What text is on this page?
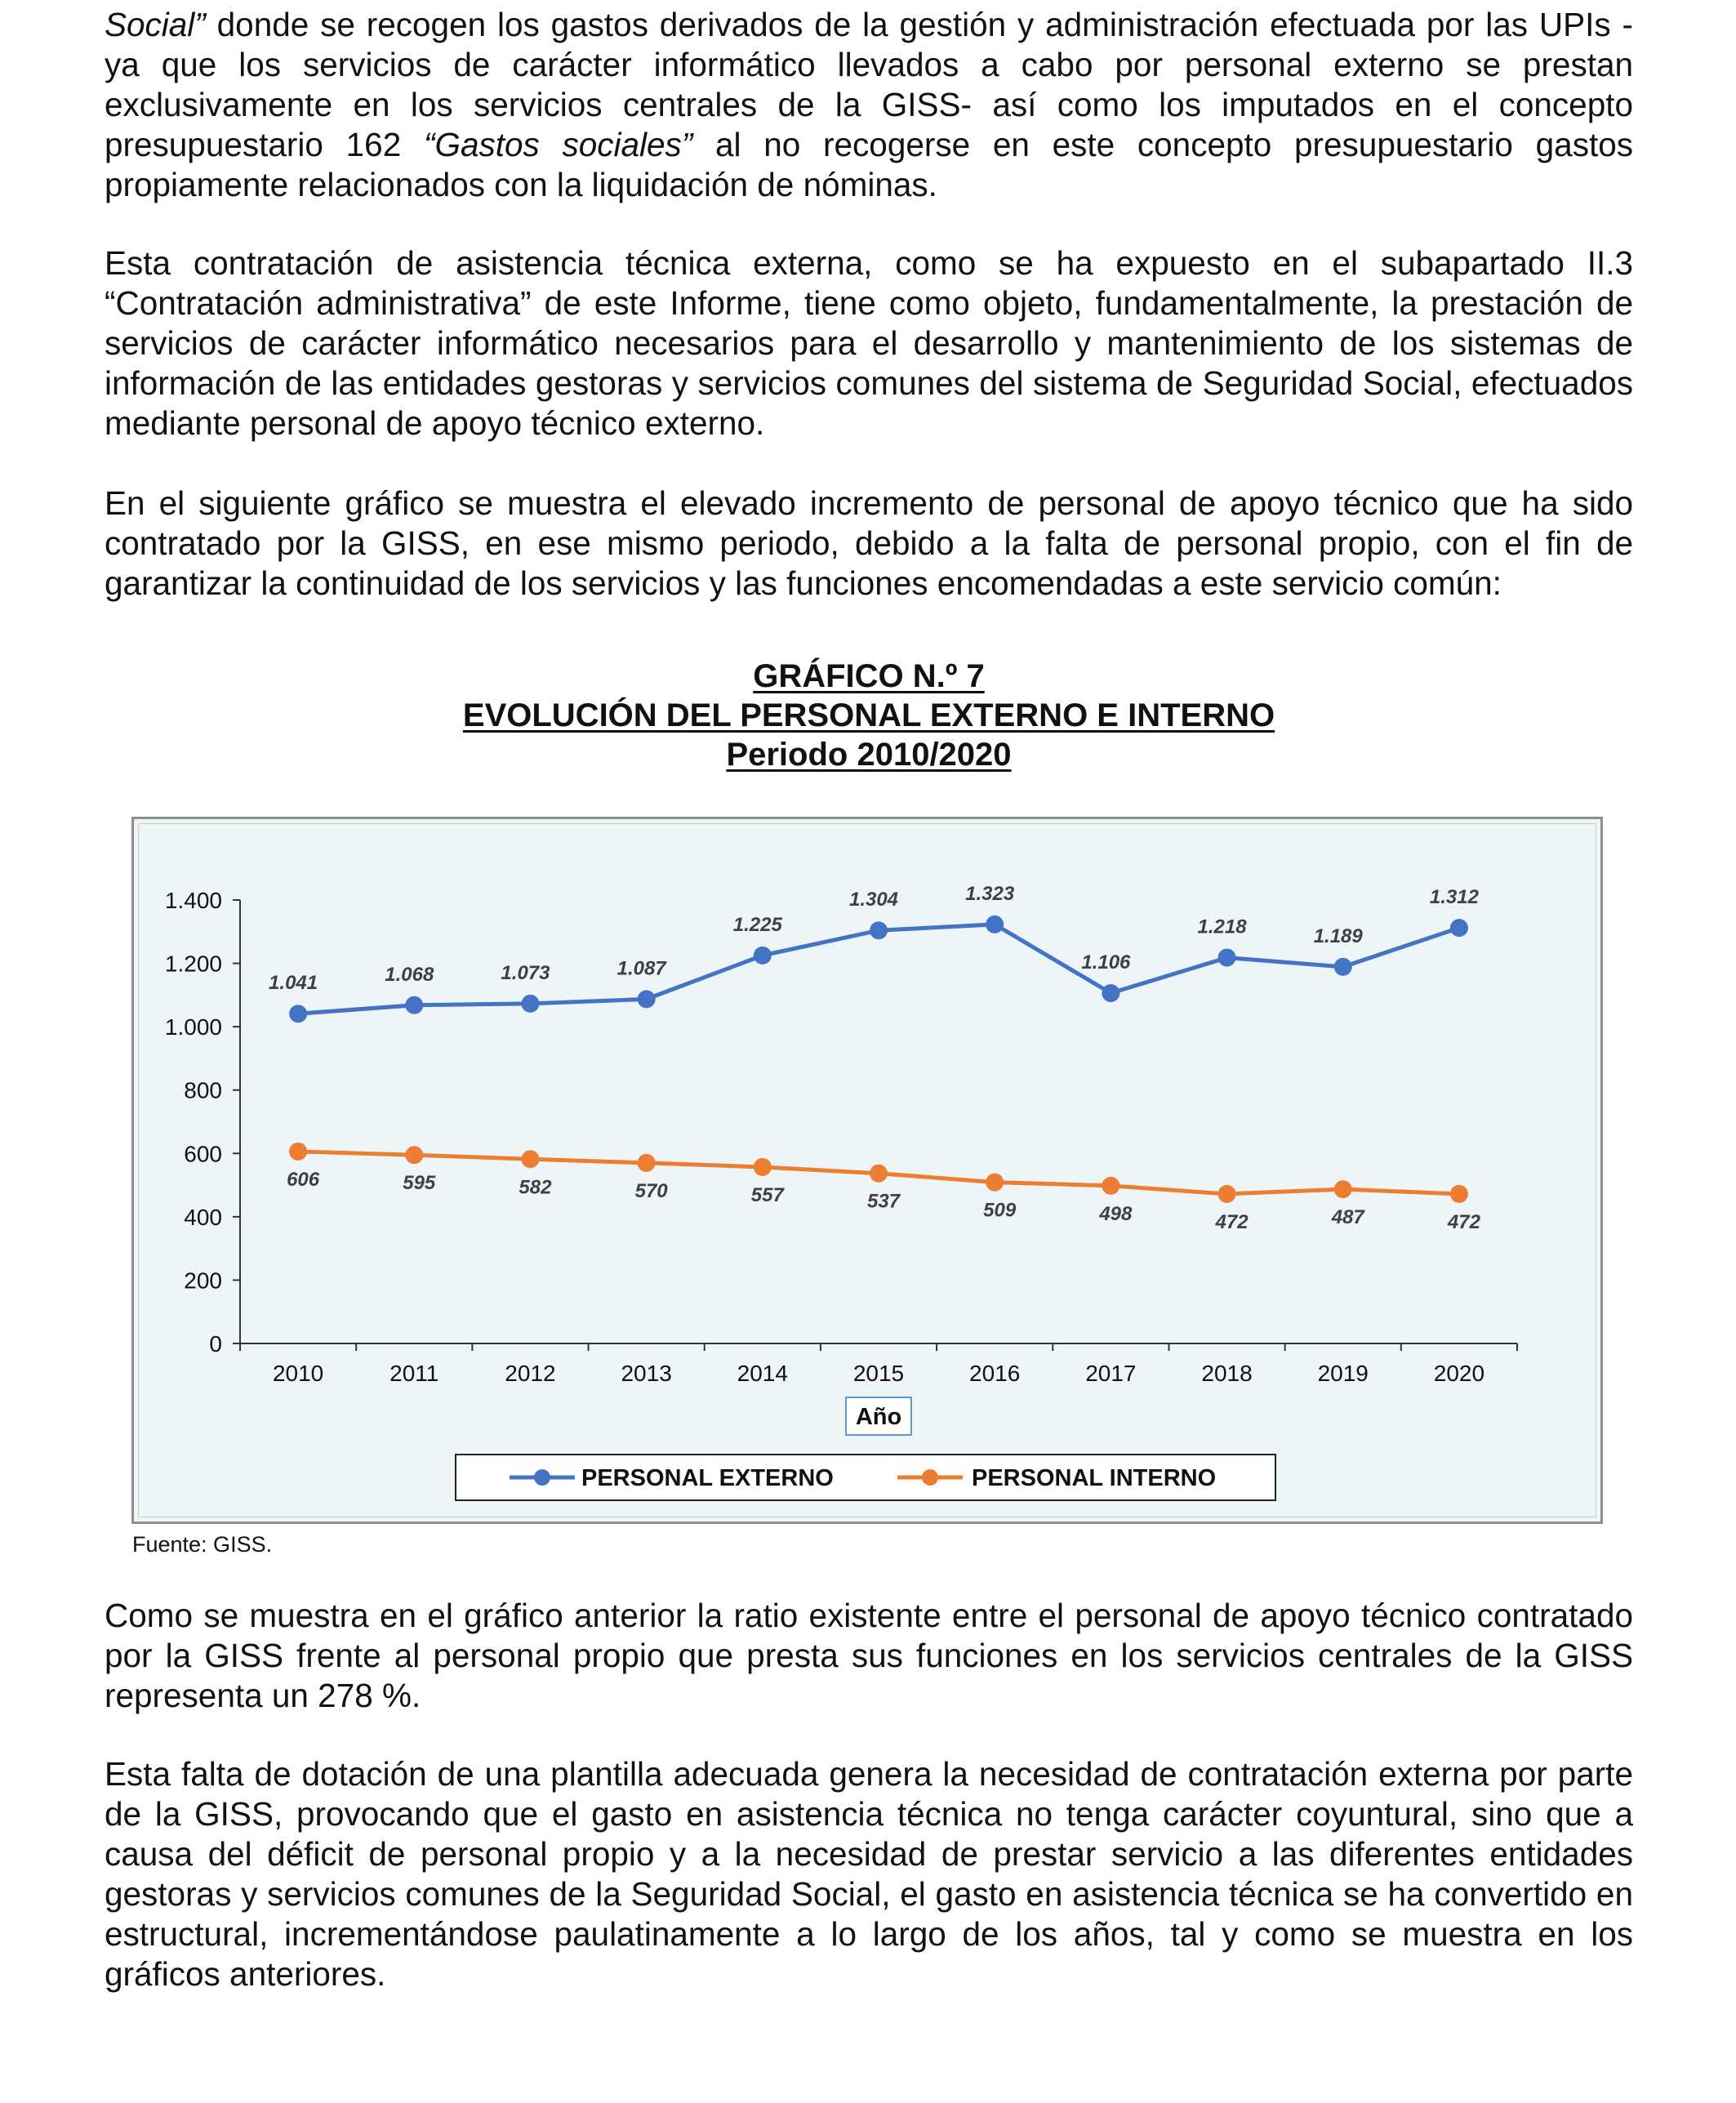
Social” donde se recogen los gastos derivados de la gestión y administración efectuada por las UPIs -ya que los servicios de carácter informático llevados a cabo por personal externo se prestan exclusivamente en los servicios centrales de la GISS- así como los imputados en el concepto presupuestario 162 “Gastos sociales” al no recogerse en este concepto presupuestario gastos propiamente relacionados con la liquidación de nóminas.

Esta contratación de asistencia técnica externa, como se ha expuesto en el subapartado II.3 “Contratación administrativa” de este Informe, tiene como objeto, fundamentalmente, la prestación de servicios de carácter informático necesarios para el desarrollo y mantenimiento de los sistemas de información de las entidades gestoras y servicios comunes del sistema de Seguridad Social, efectuados mediante personal de apoyo técnico externo.

En el siguiente gráfico se muestra el elevado incremento de personal de apoyo técnico que ha sido contratado por la GISS, en ese mismo periodo, debido a la falta de personal propio, con el fin de garantizar la continuidad de los servicios y las funciones encomendadas a este servicio común:

GRÁFICO N.º 7
EVOLUCIÓN DEL PERSONAL EXTERNO E INTERNO
Periodo 2010/2020
0
200
400
600
800
1.000
1.200
1.400
2010	2011	2012	2013	2014	2015	2016	2017	2018	2019	2020
1.041	1.068	1.073	1.087
1.225
1.304	1.323
1.106
1.218	1.189
1.312
606	595	582	570	557	537	509	498	472	487	472
Año
PERSONAL EXTERNO	PERSONAL INTERNO
Fuente: GISS.

Como se muestra en el gráfico anterior la ratio existente entre el personal de apoyo técnico contratado por la GISS frente al personal propio que presta sus funciones en los servicios centrales de la GISS representa un 278 %.

Esta falta de dotación de una plantilla adecuada genera la necesidad de contratación externa por parte de la GISS, provocando que el gasto en asistencia técnica no tenga carácter coyuntural, sino que a causa del déficit de personal propio y a la necesidad de prestar servicio a las diferentes entidades gestoras y servicios comunes de la Seguridad Social, el gasto en asistencia técnica se ha convertido en estructural, incrementándose paulatinamente a lo largo de los años, tal y como se muestra en los gráficos anteriores.
